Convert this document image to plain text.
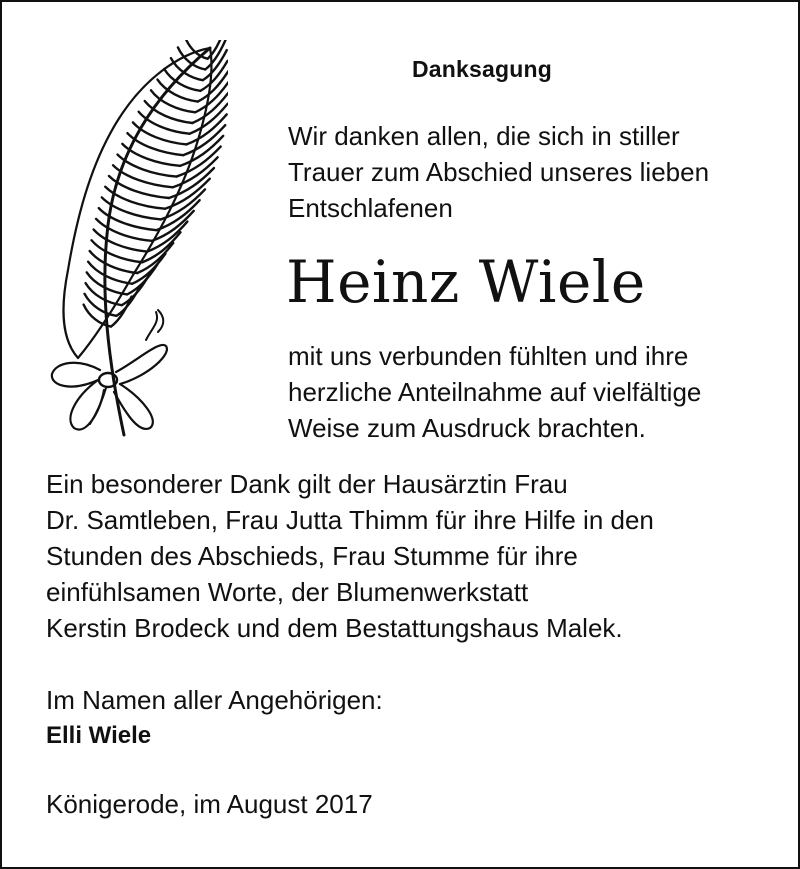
Danksagung

Wir danken allen, die sich in stiller
Trauer zum Abschied unseres lieben
Entschlafenen

Heinz Wiele

mit uns verbunden fühlten und ihre
herzliche Anteilnahme auf vielfältige
Weise zum Ausdruck brachten.

Ein besonderer Dank gilt der Hausärztin Frau
Dr. Samtleben, Frau Jutta Thimm für ihre Hilfe in den
Stunden des Abschieds, Frau Stumme für ihre
einfühlsamen Worte, der Blumenwerkstatt
Kerstin Brodeck und dem Bestattungshaus Malek.

Im Namen aller Angehörigen:
Elli Wiele
Königerode, im August 2017
